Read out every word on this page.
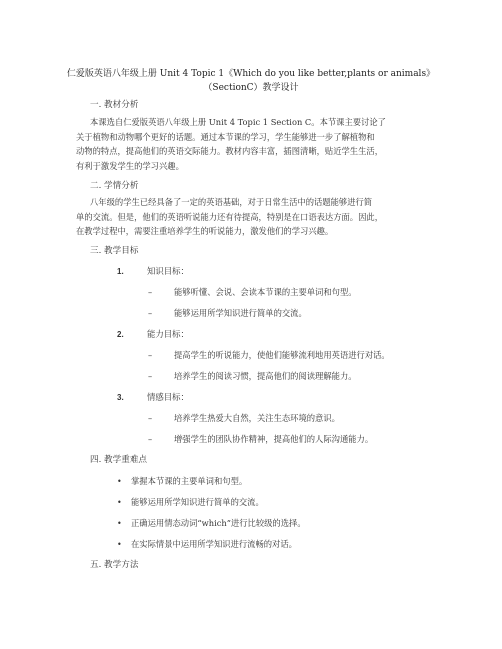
仁爱版英语八年级上册 Unit 4 Topic 1《Which do you like better,plants or animals》
（SectionC）教学设计
一. 教材分析
本课选自仁爱版英语八年级上册 Unit 4 Topic 1 Section C。本节课主要讨论了
关于植物和动物哪个更好的话题。通过本节课的学习，学生能够进一步了解植物和
动物的特点，提高他们的英语交际能力。教材内容丰富，插图清晰，贴近学生生活，
有利于激发学生的学习兴趣。
二. 学情分析
八年级的学生已经具备了一定的英语基础，对于日常生活中的话题能够进行简
单的交流。但是，他们的英语听说能力还有待提高，特别是在口语表达方面。因此，
在教学过程中，需要注重培养学生的听说能力，激发他们的学习兴趣。
三. 教学目标
1.	知识目标：
–	能够听懂、会说、会读本节课的主要单词和句型。
–	能够运用所学知识进行简单的交流。
2.	能力目标：
–	提高学生的听说能力，使他们能够流利地用英语进行对话。
–	培养学生的阅读习惯，提高他们的阅读理解能力。
3.	情感目标：
–	培养学生热爱大自然，关注生态环境的意识。
–	增强学生的团队协作精神，提高他们的人际沟通能力。
四. 教学重难点
• 掌握本节课的主要单词和句型。
• 能够运用所学知识进行简单的交流。
• 正确运用情态动词“which”进行比较级的选择。
• 在实际情景中运用所学知识进行流畅的对话。
五. 教学方法
